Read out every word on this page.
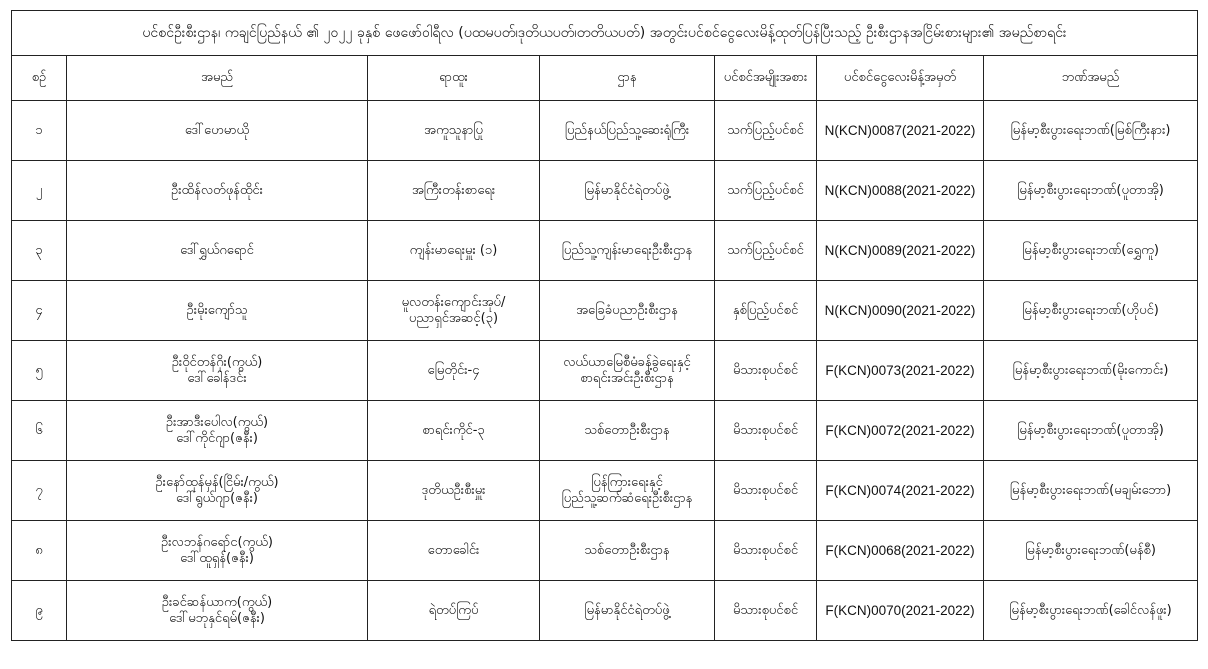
ပင်စင်ဦးစီးဌာန၊ ကချင်ပြည်နယ် ၏ ၂၀၂၂ ခုနှစ် ဖေဖော်ဝါရီလ (ပထမပတ်၊ဒုတိယပတ်၊တတိယပတ်) အတွင်းပင်စင်ငွေလေးမိန့်ထုတ်ပြန်ပြီးသည့် ဦးစီးဌာနအငြိမ်းစားများ၏ အမည်စာရင်း						
စဉ်	အမည်	ရာထူး	ဌာန	ပင်စင်အမျိုးအစား	ပင်စင်ငွေလေးမိန့်အမှတ်	ဘဏ်အမည်
၁	ဒေါ်ဟေမာယို	အကူသူနာပြု	ပြည်နယ်ပြည်သူ့ဆေးရုံကြီး	သက်ပြည့်ပင်စင်	N(KCN)0087(2021-2022)	မြန်မာ့စီးပွားရေးဘဏ်(မြစ်ကြီးနား)
၂	ဦးထိန်လတ်ဖုန်ထိုင်း	အကြီးတန်းစာရေး	မြန်မာနိုင်ငံရဲတပ်ဖွဲ့	သက်ပြည့်ပင်စင်	N(KCN)0088(2021-2022)	မြန်မာ့စီးပွားရေးဘဏ်(ပူတာအို)
၃	ဒေါ်ရွှယ်ဂရောင်	ကျန်းမာရေးမှူး (၁)	ပြည်သူ့ကျန်းမာရေးဦးစီးဌာန	သက်ပြည့်ပင်စင်	N(KCN)0089(2021-2022)	မြန်မာ့စီးပွားရေးဘဏ်(ရွှေကူ)
၄	ဦးမိုးကျော်သူ	မူလတန်းကျောင်းအုပ်/
ပညာရှင်အဆင့်(၃)	အခြေခံပညာဦးစီးဌာန	နှစ်ပြည့်ပင်စင်	N(KCN)0090(2021-2022)	မြန်မာ့စီးပွားရေးဘဏ်(ဟိုပင်)
၅	ဦးဝိုင်တန်ဂိုး(ကွယ်)
ဒေါ်ခေါန်ဒင်း	မြေတိုင်း-၄	လယ်ယာမြေစီမံခန့်ခွဲရေးနှင့်
စာရင်းအင်းဦးစီးဌာန	မိသားစုပင်စင်	F(KCN)0073(2021-2022)	မြန်မာ့စီးပွားရေးဘဏ်(မိုးကောင်း)
၆	ဦးအာဒီးပေါလ(ကွယ်)
ဒေါ်ကိုင်ဂျာ(ဇနီး)	စာရင်းကိုင်-၃	သစ်တောဦးစီးဌာန	မိသားစုပင်စင်	F(KCN)0072(2021-2022)	မြန်မာ့စီးပွားရေးဘဏ်(ပူတာအို)
၇	ဦးနော်ထုန်မှန်(ငြိမ်း/ကွယ်)
ဒေါ်ရွယ်ဂျာ(ဇနီး)	ဒုတိယဦးစီးမှူး	ပြန်ကြားရေးနှင့်
ပြည်သူ့ဆက်ဆံရေးဦးစီးဌာန	မိသားစုပင်စင်	F(KCN)0074(2021-2022)	မြန်မာ့စီးပွားရေးဘဏ်(မချမ်းဘော)
၈	ဦးလဘန်ဂရော်င(ကွယ်)
ဒေါ်ထူရှန်(ဇနီး)	တောခေါင်း	သစ်တောဦးစီးဌာန	မိသားစုပင်စင်	F(KCN)0068(2021-2022)	မြန်မာ့စီးပွားရေးဘဏ်(မန်စီ)
၉	ဦးခင်ဆန်ယာက(ကွယ်)
ဒေါ်မဘုနှင်ရမ်(ဇနီး)	ရဲတပ်ကြပ်	မြန်မာနိုင်ငံရဲတပ်ဖွဲ့	မိသားစုပင်စင်	F(KCN)0070(2021-2022)	မြန်မာ့စီးပွားရေးဘဏ်(ခေါင်လန်ဖူး)
